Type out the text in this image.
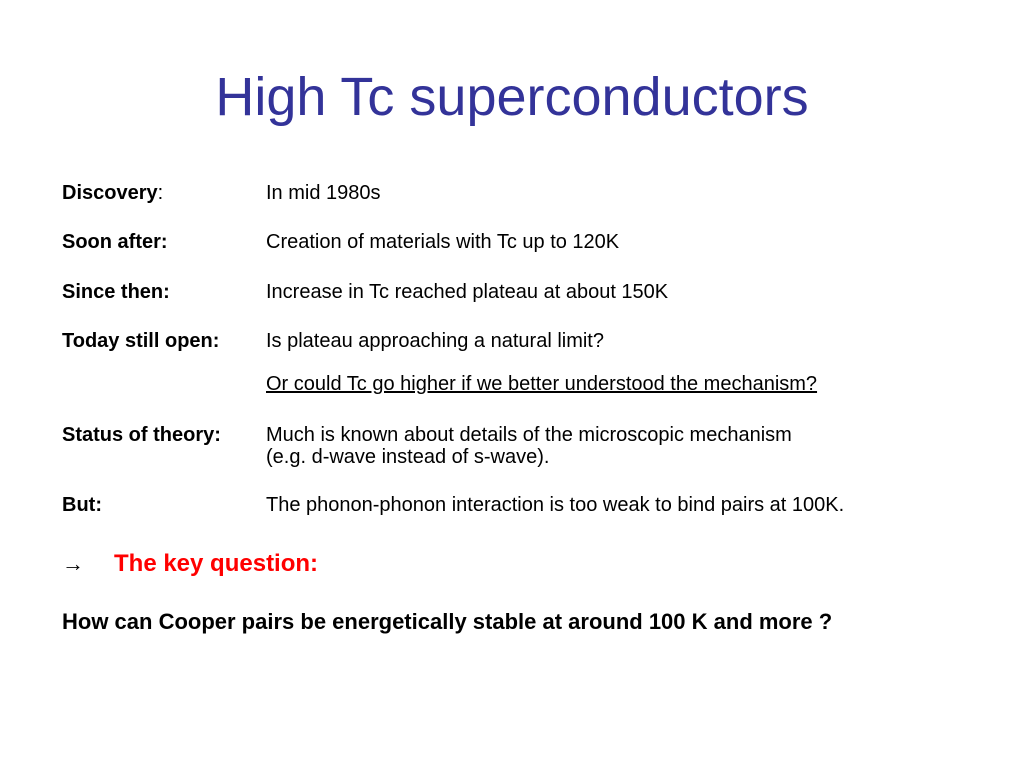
High Tc superconductors
Discovery:	In mid 1980s
Soon after:	Creation of materials with Tc up to 120K
Since then:	Increase in Tc reached plateau at about 150K
Today still open: Is plateau approaching a natural limit?
Or could Tc go higher if we better understood the mechanism?
Status of theory: Much is known about details of the microscopic mechanism
(e.g. d-wave instead of s-wave).
But:	The phonon-phonon interaction is too weak to bind pairs at 100K.
→ The key question:
How can Cooper pairs be energetically stable at around 100 K and more ?
